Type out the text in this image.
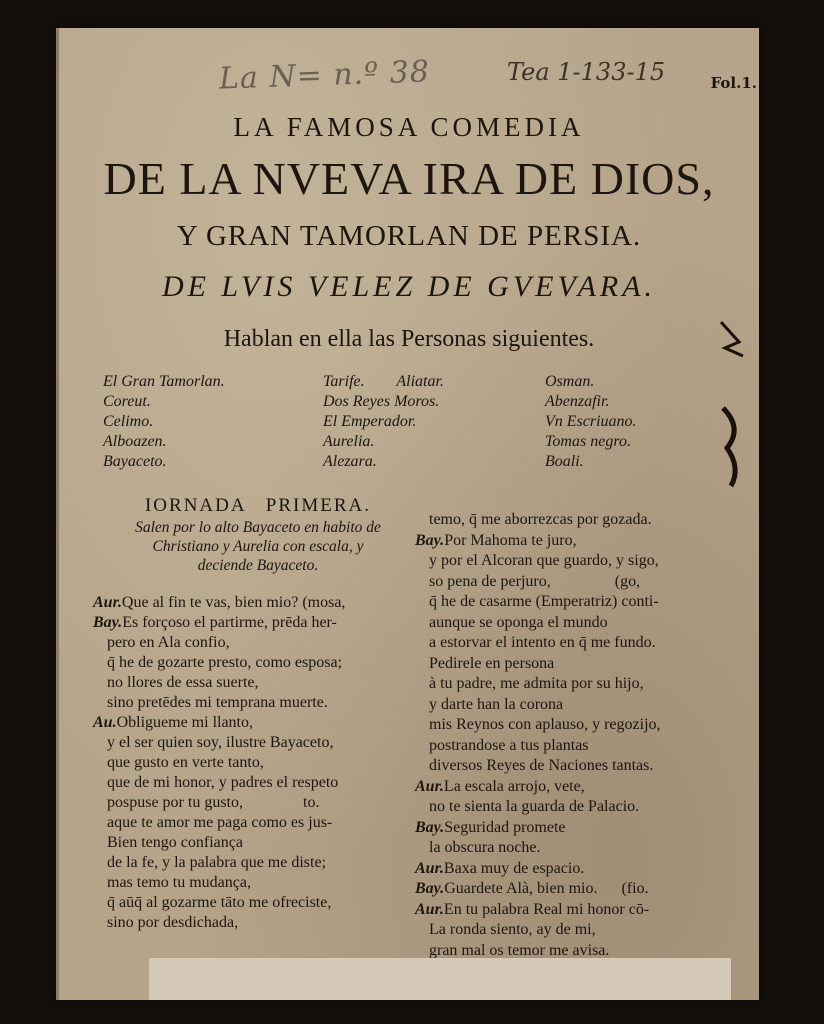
La N= n.º 38	Tea 1-133-15	Fol.1.
LA FAMOSA COMEDIA
DE LA NVEVA IRA DE DIOS,
Y GRAN TAMORLAN DE PERSIA.
DE LVIS VELEZ DE GVEVARA.
Hablan en ella las Personas siguientes.
El Gran Tamorlan.
Coreut.
Celimo.
Alboazen.
Bayaceto.
Tarife.        Aliatar.
Dos Reyes Moros.
El Emperador.
Aurelia.
Alezara.
Osman.
Abenzafir.
Vn Escriuano.
Tomas negro.
Boali.
IORNADA   PRIMERA.
Salen por lo alto Bayaceto en habito de
Christiano y Aurelia con escala, y
deciende Bayaceto.
Aur.Que al fin te vas, bien mio? (mosa,
Bay.Es forçoso el partirme, prēda her-
pero en Ala confio,
q̄ he de gozarte presto, como esposa;
no llores de essa suerte,
sino pretēdes mi temprana muerte.
Au.Obligueme mi llanto,
y el ser quien soy, ilustre Bayaceto,
que gusto en verte tanto,
que de mi honor, y padres el respeto
pospuse por tu gusto,               to.
aque te amor me paga como es jus-
Bien tengo confiança
de la fe, y la palabra que me diste;
mas temo tu mudança,
q̄ aūq̄ al gozarme tāto me ofreciste,
sino por desdichada,
temo, q̄ me aborrezcas por gozada.
Bay.Por Mahoma te juro,
y por el Alcoran que guardo, y sigo,
so pena de perjuro,                (go,
q̄ he de casarme (Emperatriz) conti-
aunque se oponga el mundo
a estorvar el intento en q̄ me fundo.
Pedirele en persona
à tu padre, me admita por su hijo,
y darte han la corona
mis Reynos con aplauso, y regozijo,
postrandose a tus plantas
diversos Reyes de Naciones tantas.
Aur.La escala arrojo, vete,
no te sienta la guarda de Palacio.
Bay.Seguridad promete
la obscura noche.
Aur.Baxa muy de espacio.
Bay.Guardete Alà, bien mio.      (fio.
Aur.En tu palabra Real mi honor cō-
La ronda siento, ay de mi,
gran mal os temor me avisa.
